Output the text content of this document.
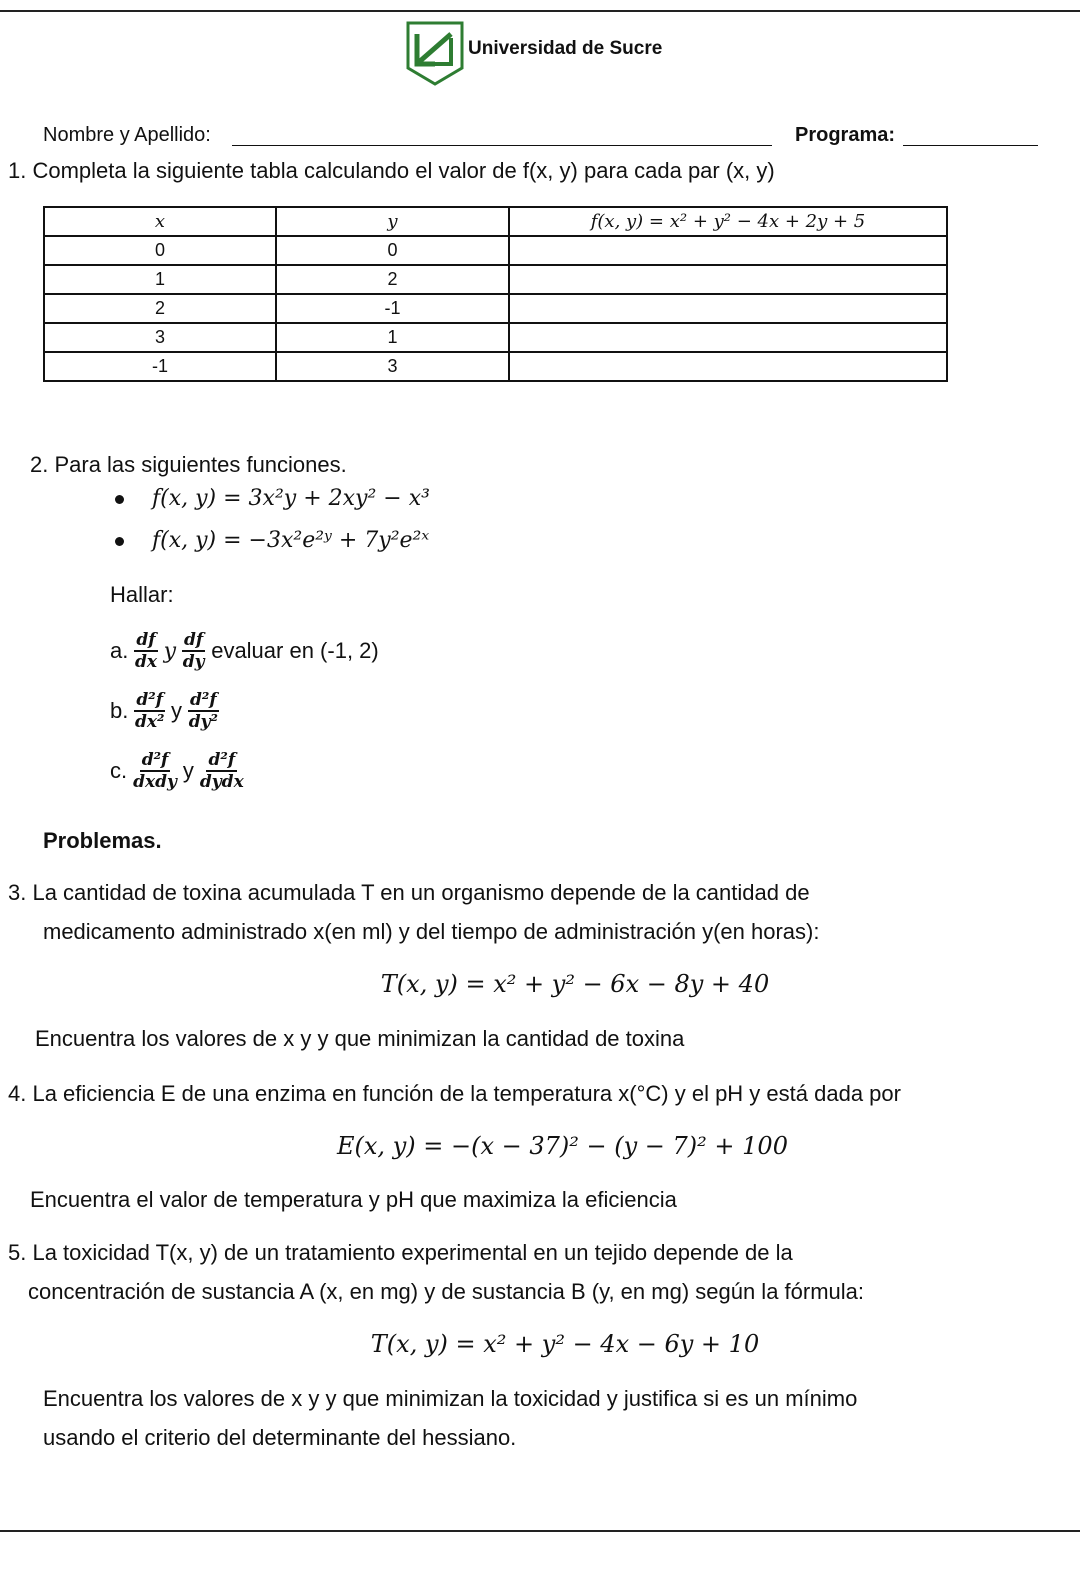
Universidad de Sucre
Nombre y Apellido:	Programa:
1. Completa la siguiente tabla calculando el valor de f(x, y) para cada par (x, y)
x	y	f(x, y) = x² + y² − 4x + 2y + 5
0	0	
1	2	
2	-1	
3	1	
-1	3	
2. Para las siguientes funciones.
f(x, y) = 3x²y + 2xy² − x³
f(x, y) = −3x²e²ʸ + 7y²e²ˣ
Hallar:
a. $\frac{df}{dx}$ y $\frac{df}{dy}$ evaluar en (-1, 2)
b. $\frac{\text{d²f}}{\text{dx²}}$ y $\frac{\text{d²f}}{\text{dy²}}$
c. $\frac{\text{d²f}}{\text{dxdy}}$ y $\frac{\text{d²f}}{\text{dydx}}$
Problemas.
3. La cantidad de toxina acumulada T en un organismo depende de la cantidad de
medicamento administrado x(en ml) y del tiempo de administración y(en horas):
T(x, y) = x² + y² − 6x − 8y + 40
Encuentra los valores de x y y que minimizan la cantidad de toxina
4. La eficiencia E de una enzima en función de la temperatura x(°C) y el pH y está dada por
E(x, y) = −(x − 37)² − (y − 7)² + 100
Encuentra el valor de temperatura y pH que maximiza la eficiencia
5. La toxicidad T(x, y) de un tratamiento experimental en un tejido depende de la
concentración de sustancia A (x, en mg) y de sustancia B (y, en mg) según la fórmula:
T(x, y) = x² + y² − 4x − 6y + 10
Encuentra los valores de x y y que minimizan la toxicidad y justifica si es un mínimo
usando el criterio del determinante del hessiano.
